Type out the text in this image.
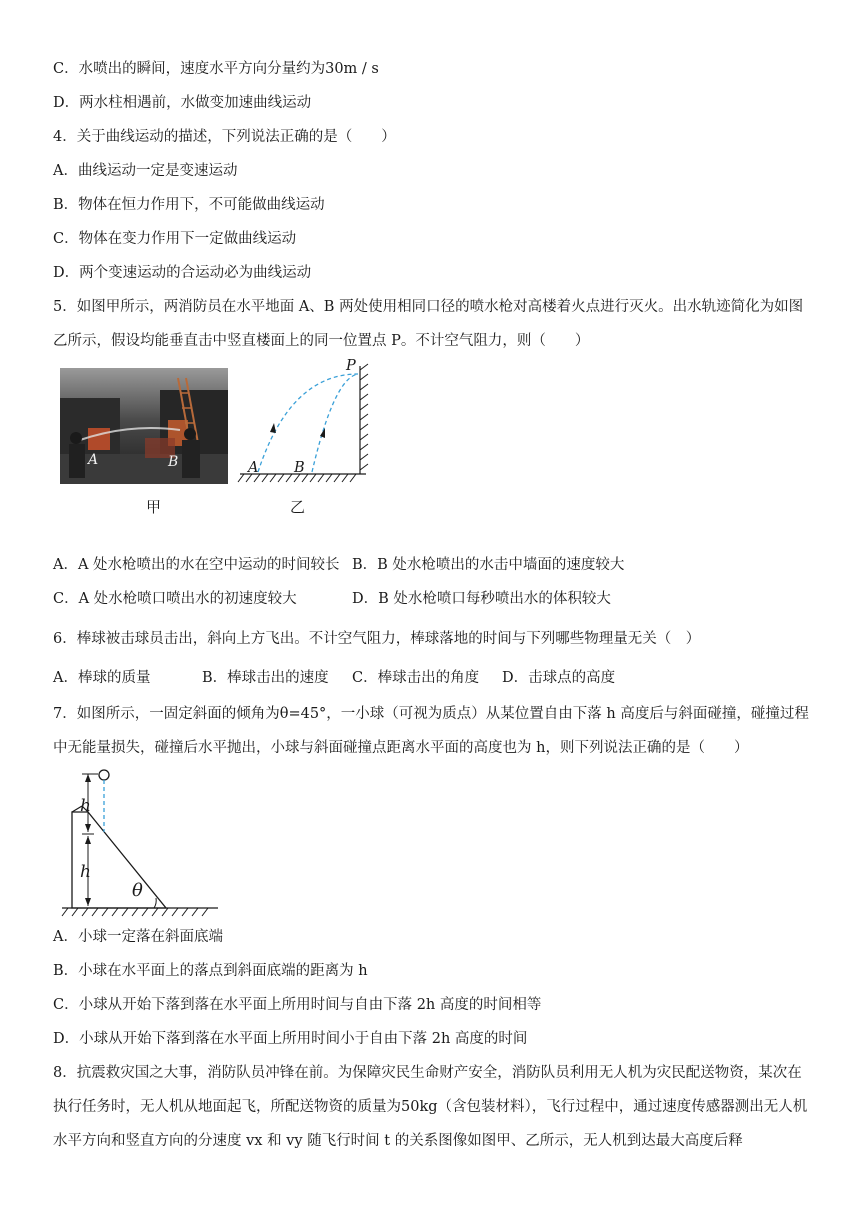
C．水喷出的瞬间，速度水平方向分量约为30m / s
D．两水柱相遇前，水做变加速曲线运动
4．关于曲线运动的描述，下列说法正确的是（　　）
A．曲线运动一定是变速运动
B．物体在恒力作用下，不可能做曲线运动
C．物体在变力作用下一定做曲线运动
D．两个变速运动的合运动必为曲线运动
5．如图甲所示，两消防员在水平地面 A、B 两处使用相同口径的喷水枪对高楼着火点进行灭火。出水轨迹简化为如图乙所示，假设均能垂直击中竖直楼面上的同一位置点 P。不计空气阻力，则（　　）
A	B
甲
A B
P
乙
A．A 处水枪喷出的水在空中运动的时间较长 B．B 处水枪喷出的水击中墙面的速度较大
C．A 处水枪喷口喷出水的初速度较大	D．B 处水枪喷口每秒喷出水的体积较大
6．棒球被击球员击出，斜向上方飞出。不计空气阻力，棒球落地的时间与下列哪些物理量无关（　）
A．棒球的质量	B．棒球击出的速度 C．棒球击出的角度 D．击球点的高度
7．如图所示，一固定斜面的倾角为θ=45°，一小球（可视为质点）从某位置自由下落 h 高度后与斜面碰撞，碰撞过程中无能量损失，碰撞后水平抛出，小球与斜面碰撞点距离水平面的高度也为 h，则下列说法正确的是（　　）
h
h
θ
A．小球一定落在斜面底端
B．小球在水平面上的落点到斜面底端的距离为 h
C．小球从开始下落到落在水平面上所用时间与自由下落 2h 高度的时间相等
D．小球从开始下落到落在水平面上所用时间小于自由下落 2h 高度的时间
8．抗震救灾国之大事，消防队员冲锋在前。为保障灾民生命财产安全，消防队员利用无人机为灾民配送物资，某次在执行任务时，无人机从地面起飞，所配送物资的质量为50kg（含包装材料），飞行过程中，通过速度传感器测出无人机水平方向和竖直方向的分速度 vx 和 vy 随飞行时间 t 的关系图像如图甲、乙所示，无人机到达最大高度后释
